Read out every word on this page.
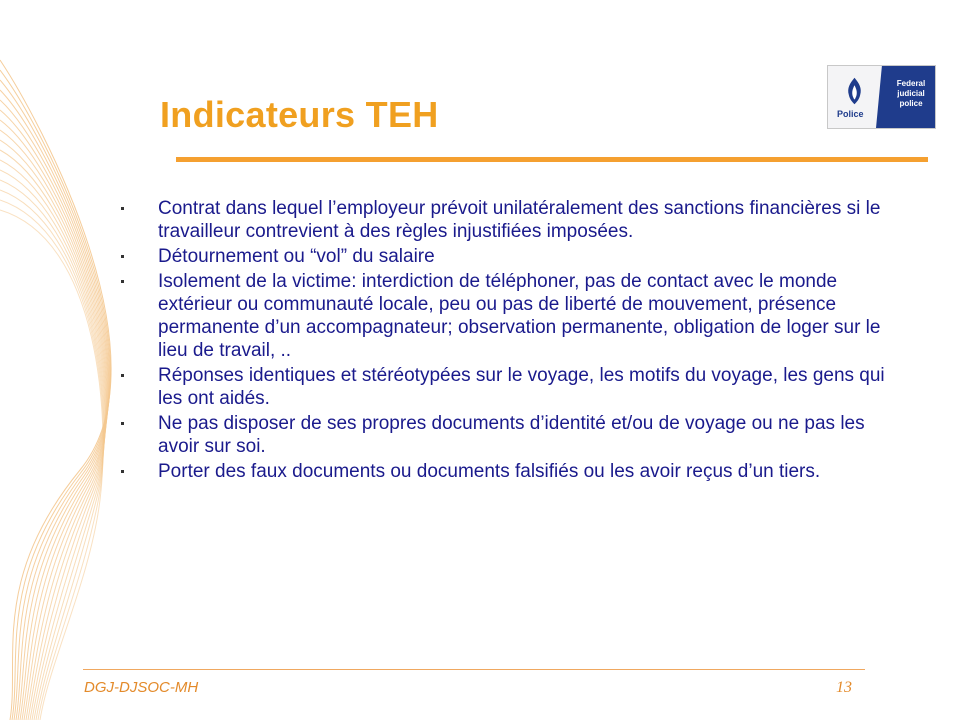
Indicateurs TEH	Police
Federal
judicial
police
Contrat dans lequel l’employeur prévoit unilatéralement des sanctions financières si le travailleur contrevient à des règles injustifiées imposées.
Détournement ou “vol” du salaire
Isolement de la victime: interdiction de téléphoner, pas de contact avec le monde extérieur ou communauté locale, peu ou pas de liberté de mouvement, présence permanente d’un accompagnateur; observation permanente, obligation de loger sur le lieu de travail, ..
Réponses identiques et stéréotypées sur le voyage, les motifs du voyage, les gens qui les ont aidés.
Ne pas disposer de ses propres documents d’identité et/ou de voyage ou ne pas les avoir sur soi.
Porter des faux documents ou documents falsifiés ou les avoir reçus d’un tiers.
DGJ-DJSOC-MH	13
